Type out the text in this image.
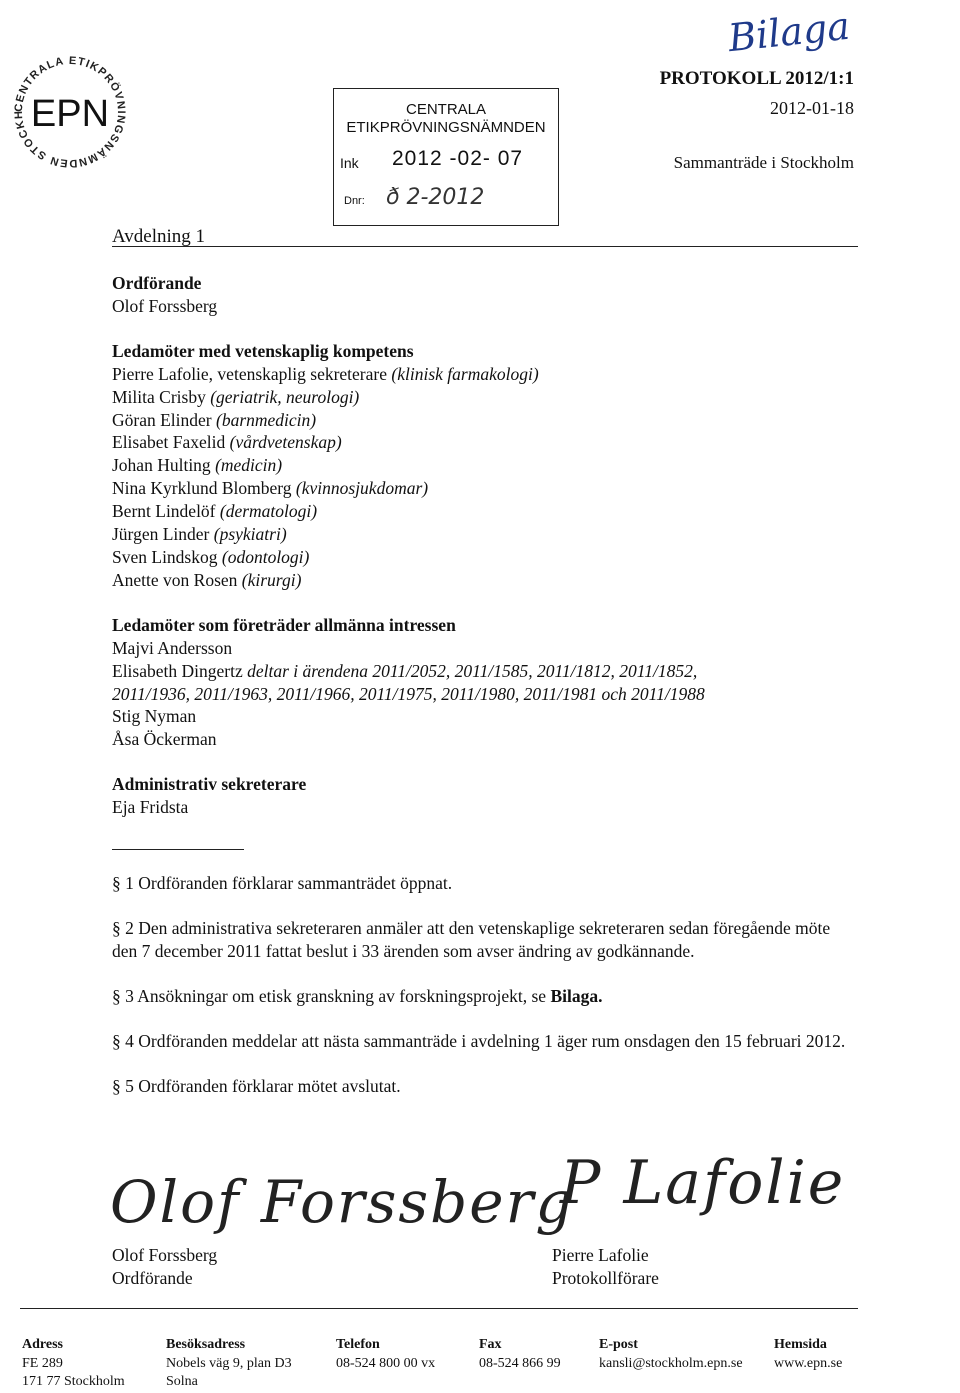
CENTRALA ETIKPRÖVNINGSNÄMNDEN STOCKH EPN
Bilaga
CENTRALA
ETIKPRÖVNINGSNÄMNDEN
Ink 2012 -02- 07
Dnr: ð 2-2012
PROTOKOLL 2012/1:1
2012-01-18
Sammanträde i Stockholm
Avdelning 1
Ordförande
Olof Forssberg
Ledamöter med vetenskaplig kompetens
Pierre Lafolie, vetenskaplig sekreterare (klinisk farmakologi)
Milita Crisby (geriatrik, neurologi)
Göran Elinder (barnmedicin)
Elisabet Faxelid (vårdvetenskap)
Johan Hulting (medicin)
Nina Kyrklund Blomberg (kvinnosjukdomar)
Bernt Lindelöf (dermatologi)
Jürgen Linder (psykiatri)
Sven Lindskog (odontologi)
Anette von Rosen (kirurgi)
Ledamöter som företräder allmänna intressen
Majvi Andersson
Elisabeth Dingertz deltar i ärendena 2011/2052, 2011/1585, 2011/1812, 2011/1852,
2011/1936, 2011/1963, 2011/1966, 2011/1975, 2011/1980, 2011/1981 och 2011/1988
Stig Nyman
Åsa Öckerman
Administrativ sekreterare
Eja Fridsta

§ 1 Ordföranden förklarar sammanträdet öppnat.

§ 2 Den administrativa sekreteraren anmäler att den vetenskaplige sekreteraren sedan föregående möte den 7 december 2011 fattat beslut i 33 ärenden som avser ändring av godkännande.

§ 3 Ansökningar om etisk granskning av forskningsprojekt, se Bilaga.

§ 4 Ordföranden meddelar att nästa sammanträde i avdelning 1 äger rum onsdagen den 15 februari 2012.

§ 5 Ordföranden förklarar mötet avslutat.

Olof Forssberg
P Lafolie
Olof Forssberg
Ordförande
Pierre Lafolie
Protokollförare
Adress
FE 289
171 77 Stockholm
Besöksadress
Nobels väg 9, plan D3
Solna
Telefon
08-524 800 00 vx
Fax
08-524 866 99
E-post
kansli@stockholm.epn.se
Hemsida
www.epn.se
